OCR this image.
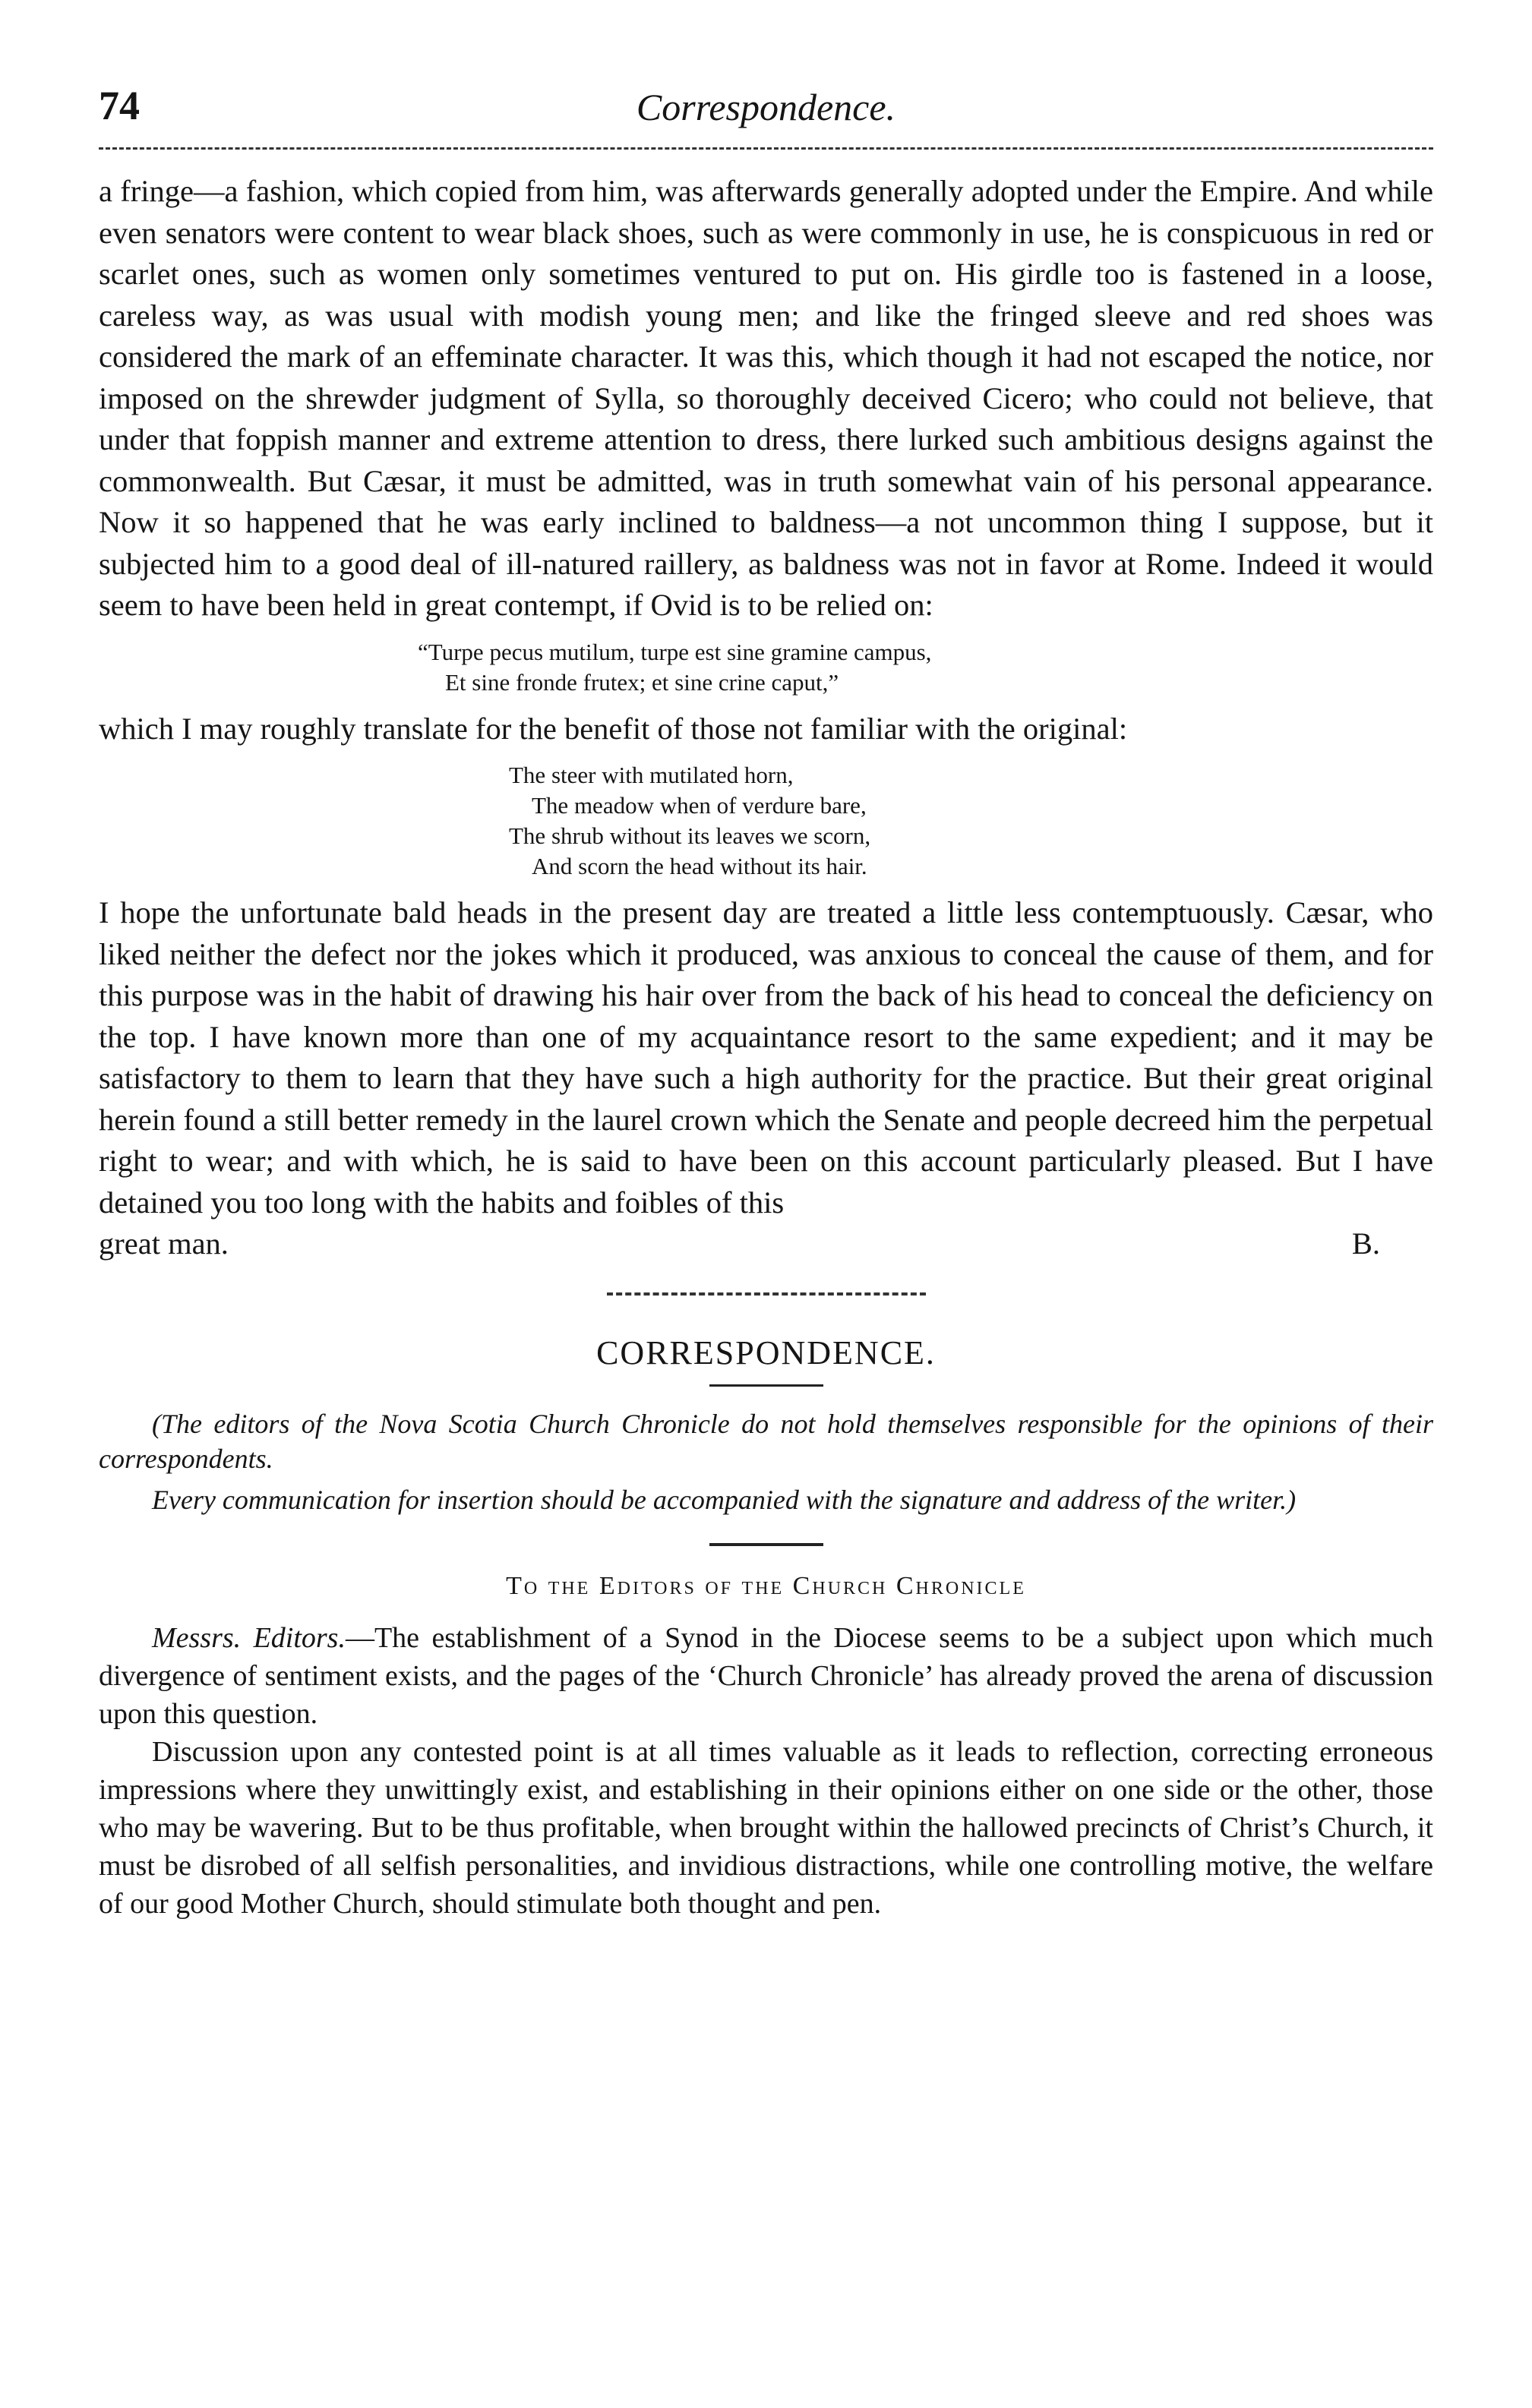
74	Correspondence.

a fringe—a fashion, which copied from him, was afterwards generally adopted under the Empire. And while even senators were content to wear black shoes, such as were commonly in use, he is conspicuous in red or scarlet ones, such as women only sometimes ventured to put on. His girdle too is fastened in a loose, careless way, as was usual with modish young men; and like the fringed sleeve and red shoes was considered the mark of an effeminate character. It was this, which though it had not escaped the notice, nor imposed on the shrewder judgment of Sylla, so thoroughly deceived Cicero; who could not believe, that under that foppish manner and extreme attention to dress, there lurked such ambitious designs against the commonwealth. But Cæsar, it must be admitted, was in truth somewhat vain of his personal appearance. Now it so happened that he was early inclined to baldness—a not uncommon thing I suppose, but it subjected him to a good deal of ill-natured raillery, as baldness was not in favor at Rome. Indeed it would seem to have been held in great contempt, if Ovid is to be relied on:

“Turpe pecus mutilum, turpe est sine gramine campus,
Et sine fronde frutex; et sine crine caput,”

which I may roughly translate for the benefit of those not familiar with the original:

The steer with mutilated horn,
The meadow when of verdure bare,
The shrub without its leaves we scorn,
And scorn the head without its hair.

I hope the unfortunate bald heads in the present day are treated a little less contemptuously. Cæsar, who liked neither the defect nor the jokes which it produced, was anxious to conceal the cause of them, and for this purpose was in the habit of drawing his hair over from the back of his head to conceal the deficiency on the top. I have known more than one of my acquaintance resort to the same expedient; and it may be satisfactory to them to learn that they have such a high authority for the practice. But their great original herein found a still better remedy in the laurel crown which the Senate and people decreed him the perpetual right to wear; and with which, he is said to have been on this account particularly pleased. But I have detained you too long with the habits and foibles of this

great man.	B.
CORRESPONDENCE.

(The editors of the Nova Scotia Church Chronicle do not hold themselves responsible for the opinions of their correspondents.

Every communication for insertion should be accompanied with the signature and address of the writer.)

To the Editors of the Church Chronicle

Messrs. Editors.—The establishment of a Synod in the Diocese seems to be a subject upon which much divergence of sentiment exists, and the pages of the ‘Church Chronicle’ has already proved the arena of discussion upon this question.

Discussion upon any contested point is at all times valuable as it leads to reflection, correcting erroneous impressions where they unwittingly exist, and establishing in their opinions either on one side or the other, those who may be wavering. But to be thus profitable, when brought within the hallowed precincts of Christ’s Church, it must be disrobed of all selfish personalities, and invidious distractions, while one controlling motive, the welfare of our good Mother Church, should stimulate both thought and pen.
